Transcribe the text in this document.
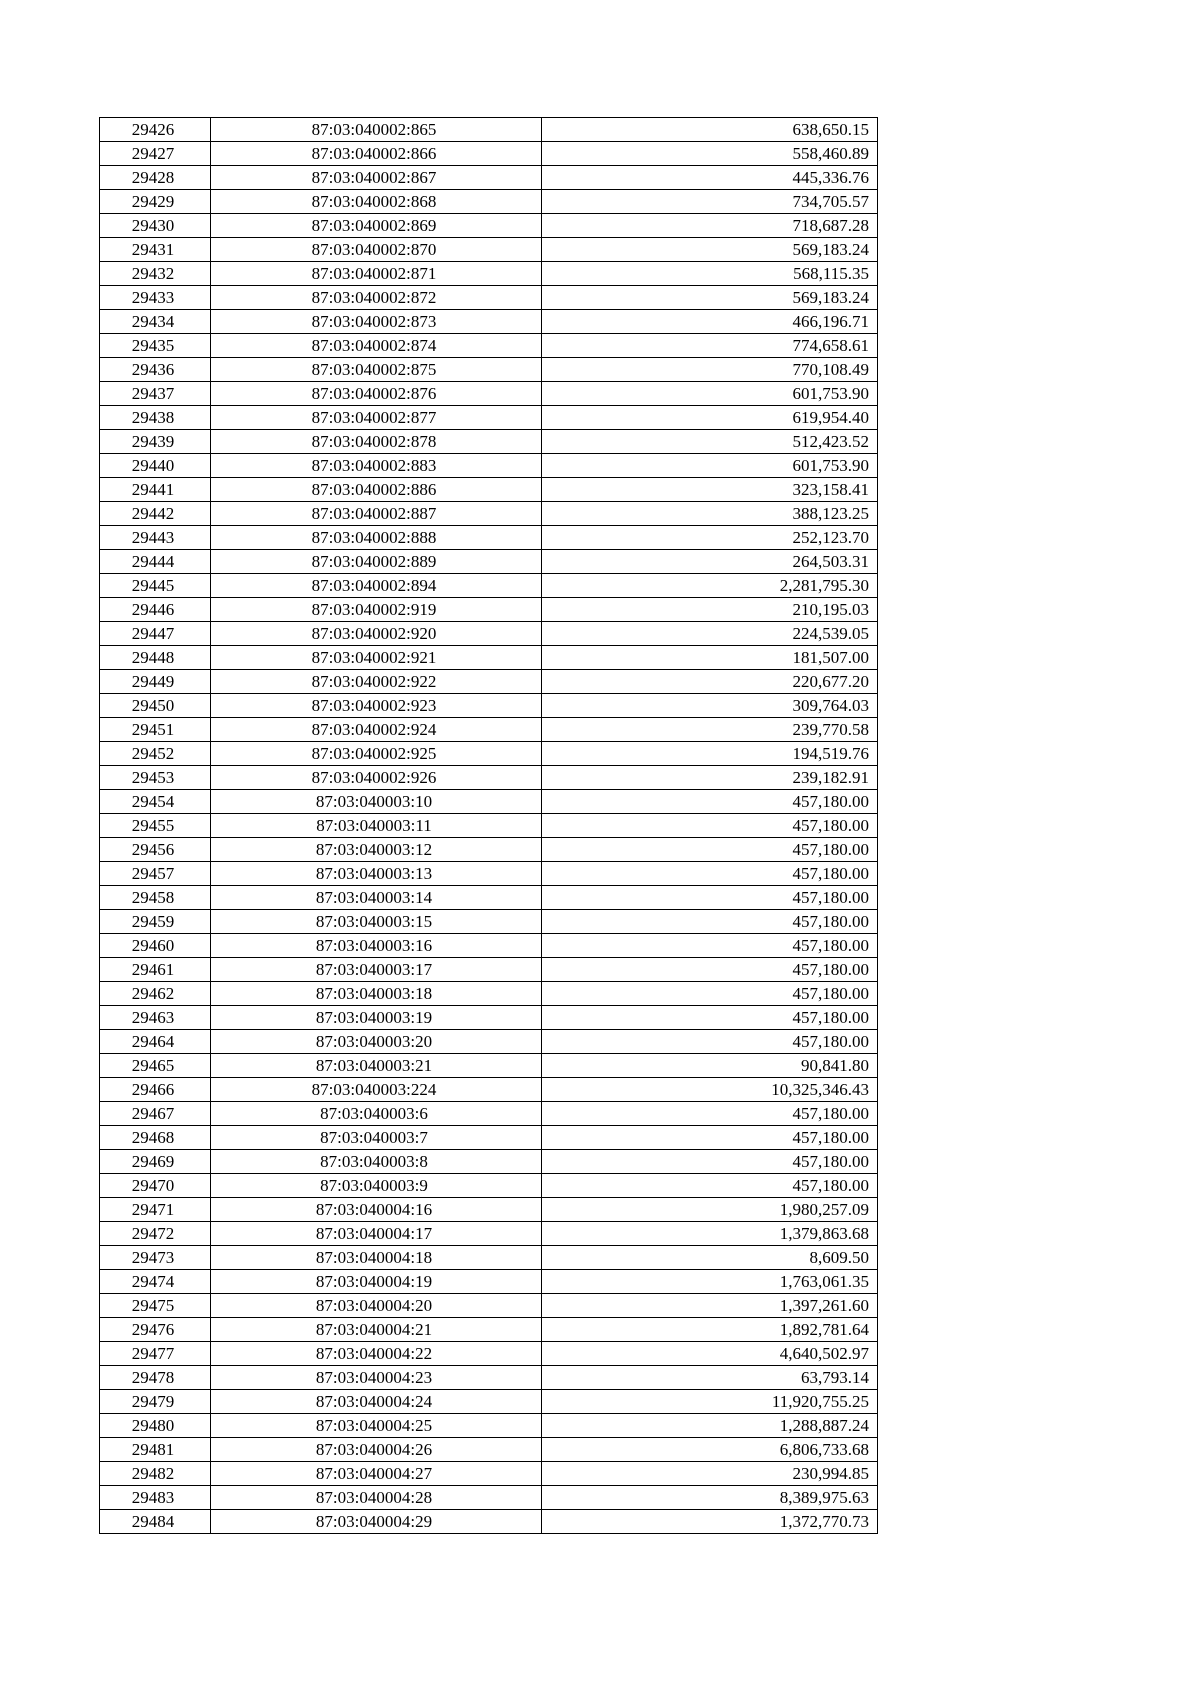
29426	87:03:040002:865	638,650.15
29427	87:03:040002:866	558,460.89
29428	87:03:040002:867	445,336.76
29429	87:03:040002:868	734,705.57
29430	87:03:040002:869	718,687.28
29431	87:03:040002:870	569,183.24
29432	87:03:040002:871	568,115.35
29433	87:03:040002:872	569,183.24
29434	87:03:040002:873	466,196.71
29435	87:03:040002:874	774,658.61
29436	87:03:040002:875	770,108.49
29437	87:03:040002:876	601,753.90
29438	87:03:040002:877	619,954.40
29439	87:03:040002:878	512,423.52
29440	87:03:040002:883	601,753.90
29441	87:03:040002:886	323,158.41
29442	87:03:040002:887	388,123.25
29443	87:03:040002:888	252,123.70
29444	87:03:040002:889	264,503.31
29445	87:03:040002:894	2,281,795.30
29446	87:03:040002:919	210,195.03
29447	87:03:040002:920	224,539.05
29448	87:03:040002:921	181,507.00
29449	87:03:040002:922	220,677.20
29450	87:03:040002:923	309,764.03
29451	87:03:040002:924	239,770.58
29452	87:03:040002:925	194,519.76
29453	87:03:040002:926	239,182.91
29454	87:03:040003:10	457,180.00
29455	87:03:040003:11	457,180.00
29456	87:03:040003:12	457,180.00
29457	87:03:040003:13	457,180.00
29458	87:03:040003:14	457,180.00
29459	87:03:040003:15	457,180.00
29460	87:03:040003:16	457,180.00
29461	87:03:040003:17	457,180.00
29462	87:03:040003:18	457,180.00
29463	87:03:040003:19	457,180.00
29464	87:03:040003:20	457,180.00
29465	87:03:040003:21	90,841.80
29466	87:03:040003:224	10,325,346.43
29467	87:03:040003:6	457,180.00
29468	87:03:040003:7	457,180.00
29469	87:03:040003:8	457,180.00
29470	87:03:040003:9	457,180.00
29471	87:03:040004:16	1,980,257.09
29472	87:03:040004:17	1,379,863.68
29473	87:03:040004:18	8,609.50
29474	87:03:040004:19	1,763,061.35
29475	87:03:040004:20	1,397,261.60
29476	87:03:040004:21	1,892,781.64
29477	87:03:040004:22	4,640,502.97
29478	87:03:040004:23	63,793.14
29479	87:03:040004:24	11,920,755.25
29480	87:03:040004:25	1,288,887.24
29481	87:03:040004:26	6,806,733.68
29482	87:03:040004:27	230,994.85
29483	87:03:040004:28	8,389,975.63
29484	87:03:040004:29	1,372,770.73
